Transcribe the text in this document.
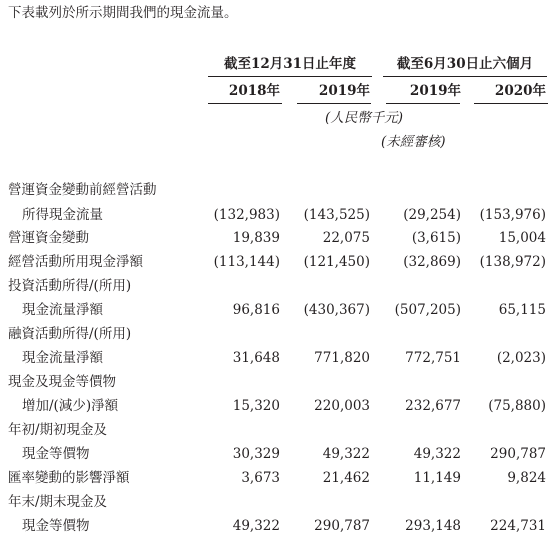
下表載列於所示期間我們的現金流量。
截至12月31日止年度	截至6月30日止六個月
2018年	2019年	2019年	2020年
(人民幣千元)
(未經審核)
營運資金變動前經營活動
所得現金流量	(132,983)	(143,525)	(29,254)	(153,976)
營運資金變動	19,839	22,075	(3,615)	15,004
經營活動所用現金淨額	(113,144)	(121,450)	(32,869)	(138,972)
投資活動所得/(所用)
現金流量淨額	96,816	(430,367)	(507,205)	65,115
融資活動所得/(所用)
現金流量淨額	31,648	771,820	772,751	(2,023)
現金及現金等價物
增加/(減少)淨額	15,320	220,003	232,677	(75,880)
年初/期初現金及
現金等價物	30,329	49,322	49,322	290,787
匯率變動的影響淨額	3,673	21,462	11,149	9,824
年末/期末現金及
現金等價物	49,322	290,787	293,148	224,731
